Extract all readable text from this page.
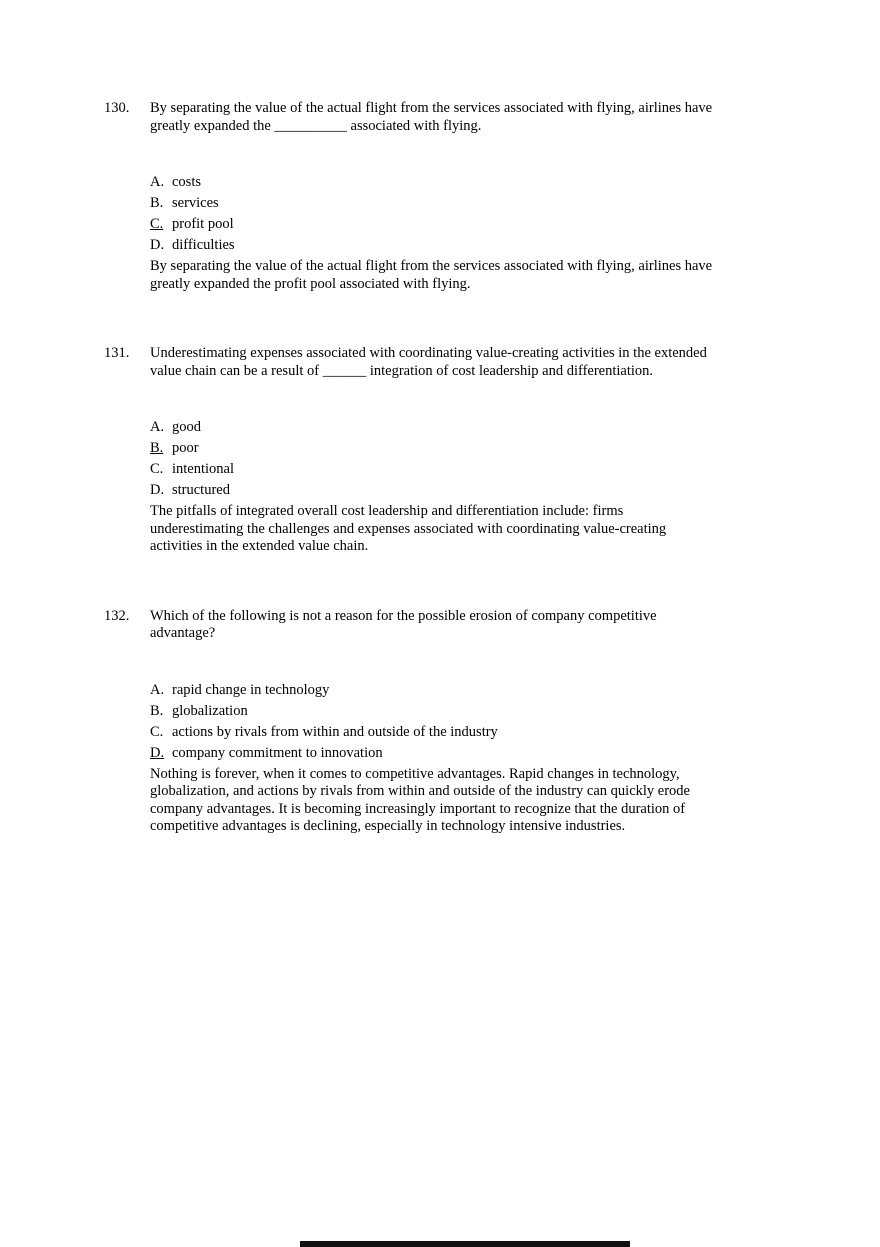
130.	By separating the value of the actual flight from the services associated with flying, airlines have greatly expanded the __________ associated with flying.
A. costs
B. services
C. profit pool
D. difficulties
By separating the value of the actual flight from the services associated with flying, airlines have greatly expanded the profit pool associated with flying.
131.	Underestimating expenses associated with coordinating value-creating activities in the extended value chain can be a result of ______ integration of cost leadership and differentiation.
A. good
B. poor
C. intentional
D. structured
The pitfalls of integrated overall cost leadership and differentiation include: firms underestimating the challenges and expenses associated with coordinating value-creating activities in the extended value chain.
132.	Which of the following is not a reason for the possible erosion of company competitive advantage?
A. rapid change in technology
B. globalization
C. actions by rivals from within and outside of the industry
D. company commitment to innovation
Nothing is forever, when it comes to competitive advantages. Rapid changes in technology, globalization, and actions by rivals from within and outside of the industry can quickly erode company advantages. It is becoming increasingly important to recognize that the duration of competitive advantages is declining, especially in technology intensive industries.
